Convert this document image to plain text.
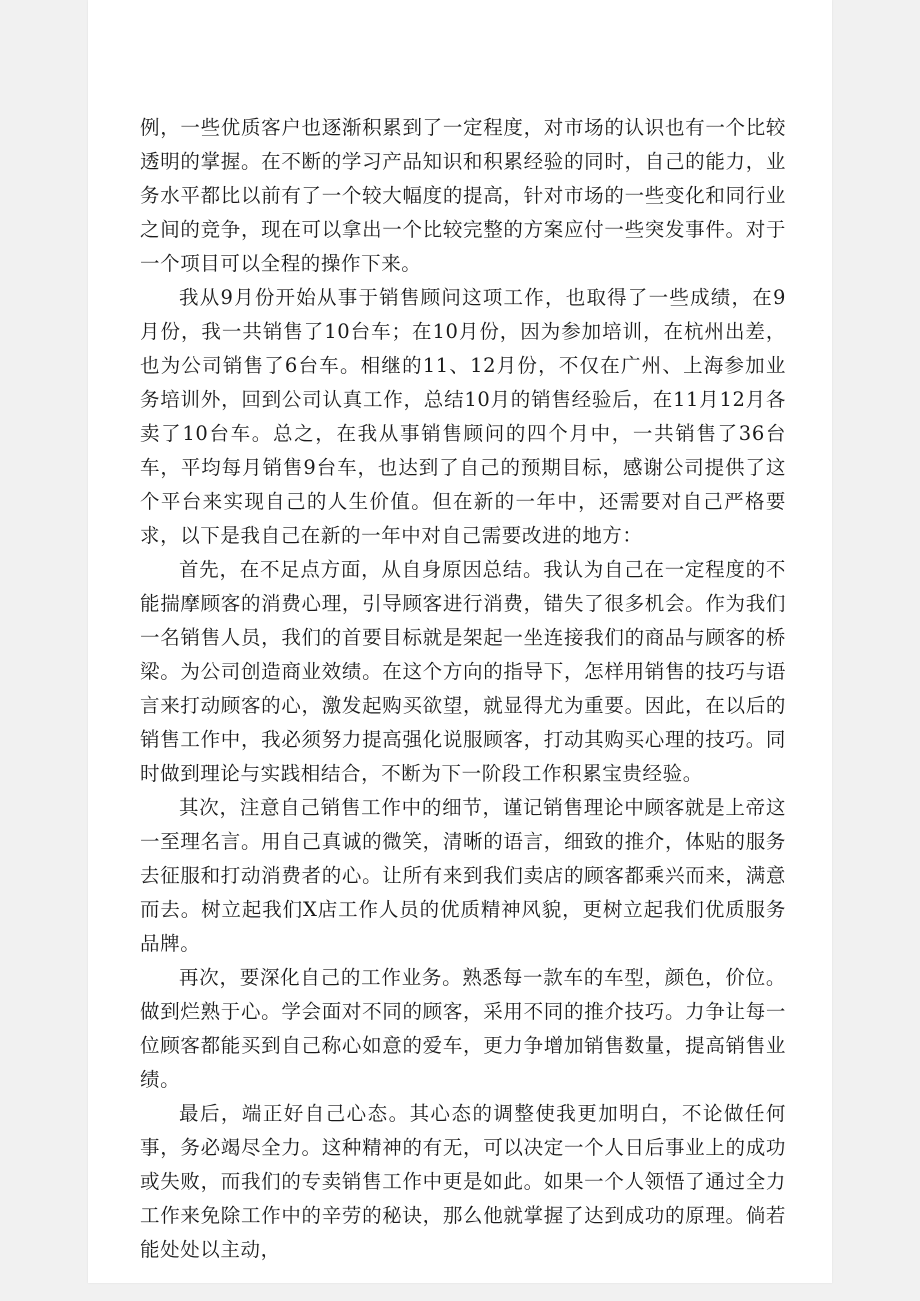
例，一些优质客户也逐渐积累到了一定程度，对市场的认识也有一个比较透明的掌握。在不断的学习产品知识和积累经验的同时，自己的能力，业务水平都比以前有了一个较大幅度的提高，针对市场的一些变化和同行业之间的竞争，现在可以拿出一个比较完整的方案应付一些突发事件。对于一个项目可以全程的操作下来。

我从9月份开始从事于销售顾问这项工作，也取得了一些成绩，在9月份，我一共销售了10台车；在10月份，因为参加培训，在杭州出差，也为公司销售了6台车。相继的11、12月份，不仅在广州、上海参加业务培训外，回到公司认真工作，总结10月的销售经验后，在11月12月各卖了10台车。总之，在我从事销售顾问的四个月中，一共销售了36台车，平均每月销售9台车，也达到了自己的预期目标，感谢公司提供了这个平台来实现自己的人生价值。但在新的一年中，还需要对自己严格要求，以下是我自己在新的一年中对自己需要改进的地方：

首先，在不足点方面，从自身原因总结。我认为自己在一定程度的不能揣摩顾客的消费心理，引导顾客进行消费，错失了很多机会。作为我们一名销售人员，我们的首要目标就是架起一坐连接我们的商品与顾客的桥梁。为公司创造商业效绩。在这个方向的指导下，怎样用销售的技巧与语言来打动顾客的心，激发起购买欲望，就显得尤为重要。因此，在以后的销售工作中，我必须努力提高强化说服顾客，打动其购买心理的技巧。同时做到理论与实践相结合，不断为下一阶段工作积累宝贵经验。

其次，注意自己销售工作中的细节，谨记销售理论中顾客就是上帝这一至理名言。用自己真诚的微笑，清晰的语言，细致的推介，体贴的服务去征服和打动消费者的心。让所有来到我们卖店的顾客都乘兴而来，满意而去。树立起我们X店工作人员的优质精神风貌，更树立起我们优质服务品牌。

再次，要深化自己的工作业务。熟悉每一款车的车型，颜色，价位。做到烂熟于心。学会面对不同的顾客，采用不同的推介技巧。力争让每一位顾客都能买到自己称心如意的爱车，更力争增加销售数量，提高销售业绩。

最后，端正好自己心态。其心态的调整使我更加明白，不论做任何事，务必竭尽全力。这种精神的有无，可以决定一个人日后事业上的成功或失败，而我们的专卖销售工作中更是如此。如果一个人领悟了通过全力工作来免除工作中的辛劳的秘诀，那么他就掌握了达到成功的原理。倘若能处处以主动，
